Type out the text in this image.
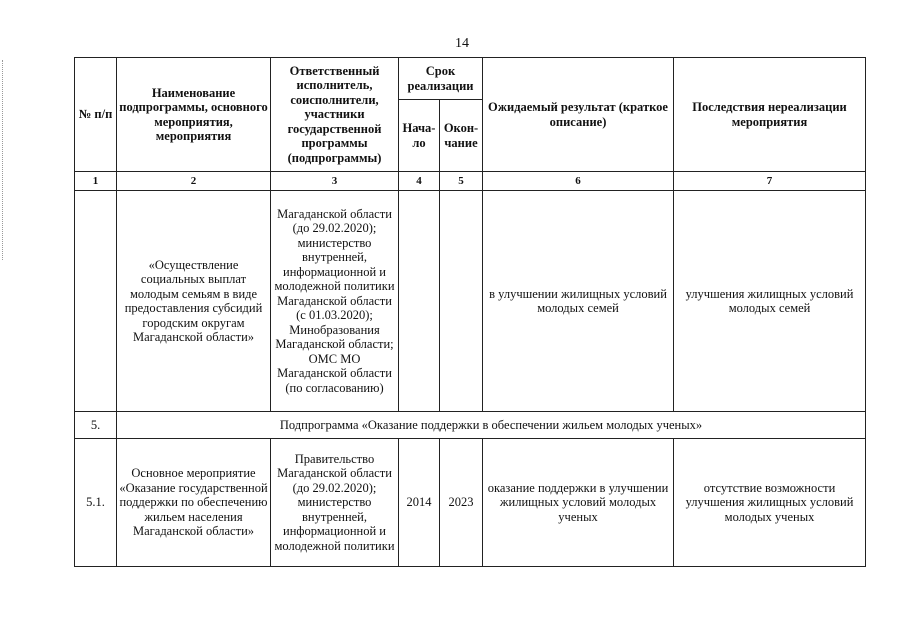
14
№ п/п	Наименование подпрограммы, основного мероприятия, мероприятия	Ответственный исполнитель, соисполнители, участники государственной программы (подпрограммы)	Срок реализации		Ожидаемый результат (краткое описание)	Последствия нереализации мероприятия
			Нача-ло	Окон-чание		
1	2	3	4	5	6	7
	«Осуществление социальных выплат молодым семьям в виде предоставления субсидий городским округам Магаданской области»	Магаданской области (до 29.02.2020); министерство внутренней, информационной и молодежной политики Магаданской области (с 01.03.2020); Минобразования Магаданской области; ОМС МО Магаданской области (по согласованию)			в улучшении жилищных условий молодых семей	улучшения жилищных условий молодых семей
5.	Подпрограмма «Оказание поддержки в обеспечении жильем молодых ученых»					
5.1.	Основное мероприятие «Оказание государственной поддержки по обеспечению жильем населения Магаданской области»	Правительство Магаданской области (до 29.02.2020); министерство внутренней, информационной и молодежной политики	2014	2023	оказание поддержки в улучшении жилищных условий молодых ученых	отсутствие возможности улучшения жилищных условий молодых ученых
